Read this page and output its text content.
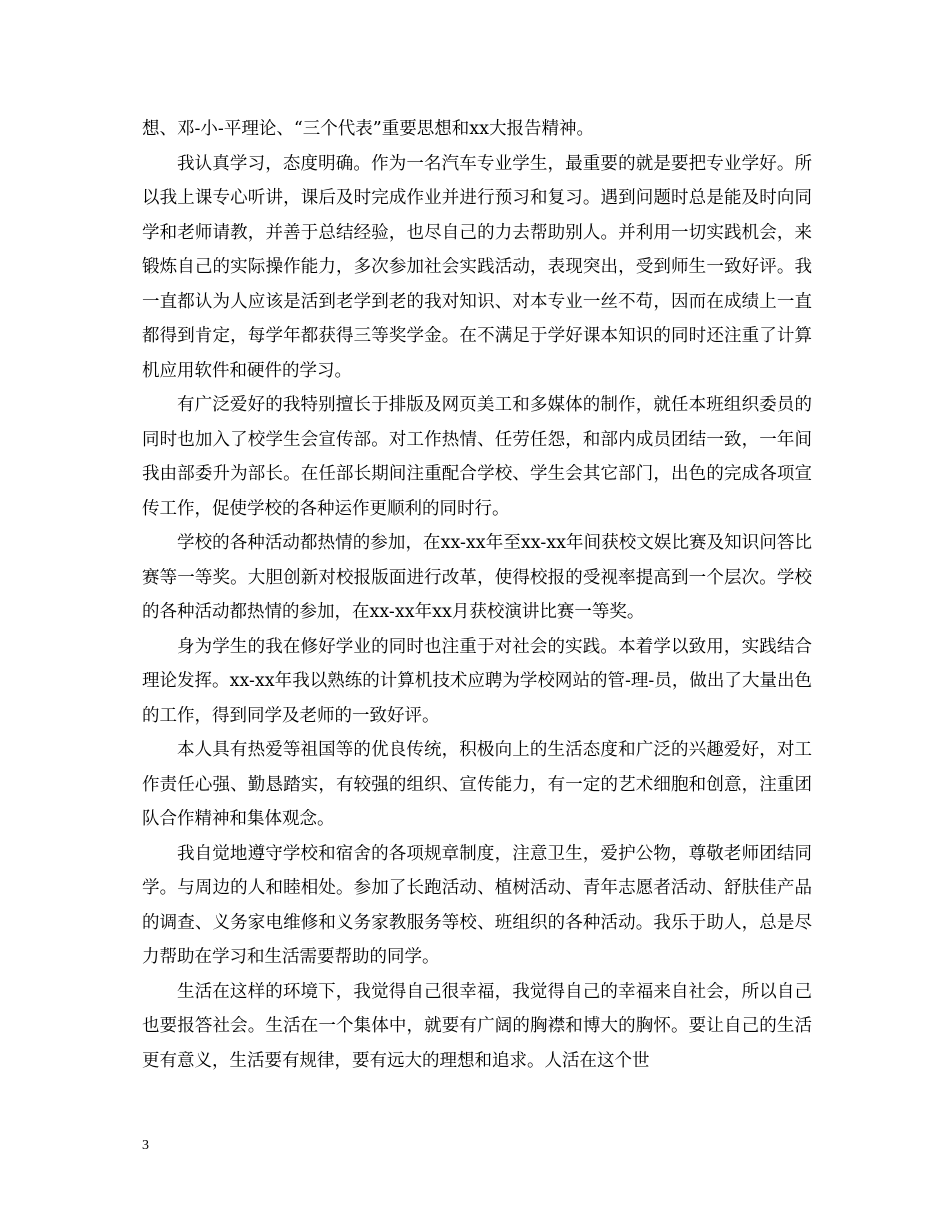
想、邓-小-平理论、“三个代表”重要思想和xx大报告精神。

我认真学习，态度明确。作为一名汽车专业学生，最重要的就是要把专业学好。所以我上课专心听讲，课后及时完成作业并进行预习和复习。遇到问题时总是能及时向同学和老师请教，并善于总结经验，也尽自己的力去帮助别人。并利用一切实践机会，来锻炼自己的实际操作能力，多次参加社会实践活动，表现突出，受到师生一致好评。我一直都认为人应该是活到老学到老的我对知识、对本专业一丝不苟，因而在成绩上一直都得到肯定，每学年都获得三等奖学金。在不满足于学好课本知识的同时还注重了计算机应用软件和硬件的学习。

有广泛爱好的我特别擅长于排版及网页美工和多媒体的制作，就任本班组织委员的同时也加入了校学生会宣传部。对工作热情、任劳任怨，和部内成员团结一致，一年间我由部委升为部长。在任部长期间注重配合学校、学生会其它部门，出色的完成各项宣传工作，促使学校的各种运作更顺利的同时行。

学校的各种活动都热情的参加，在xx-xx年至xx-xx年间获校文娱比赛及知识问答比赛等一等奖。大胆创新对校报版面进行改革，使得校报的受视率提高到一个层次。学校的各种活动都热情的参加，在xx-xx年xx月获校演讲比赛一等奖。

身为学生的我在修好学业的同时也注重于对社会的实践。本着学以致用，实践结合理论发挥。xx-xx年我以熟练的计算机技术应聘为学校网站的管-理-员，做出了大量出色的工作，得到同学及老师的一致好评。

本人具有热爱等祖国等的优良传统，积极向上的生活态度和广泛的兴趣爱好，对工作责任心强、勤恳踏实，有较强的组织、宣传能力，有一定的艺术细胞和创意，注重团队合作精神和集体观念。

我自觉地遵守学校和宿舍的各项规章制度，注意卫生，爱护公物，尊敬老师团结同学。与周边的人和睦相处。参加了长跑活动、植树活动、青年志愿者活动、舒肤佳产品的调查、义务家电维修和义务家教服务等校、班组织的各种活动。我乐于助人，总是尽力帮助在学习和生活需要帮助的同学。

生活在这样的环境下，我觉得自己很幸福，我觉得自己的幸福来自社会，所以自己也要报答社会。生活在一个集体中，就要有广阔的胸襟和博大的胸怀。要让自己的生活更有意义，生活要有规律，要有远大的理想和追求。人活在这个世

3
